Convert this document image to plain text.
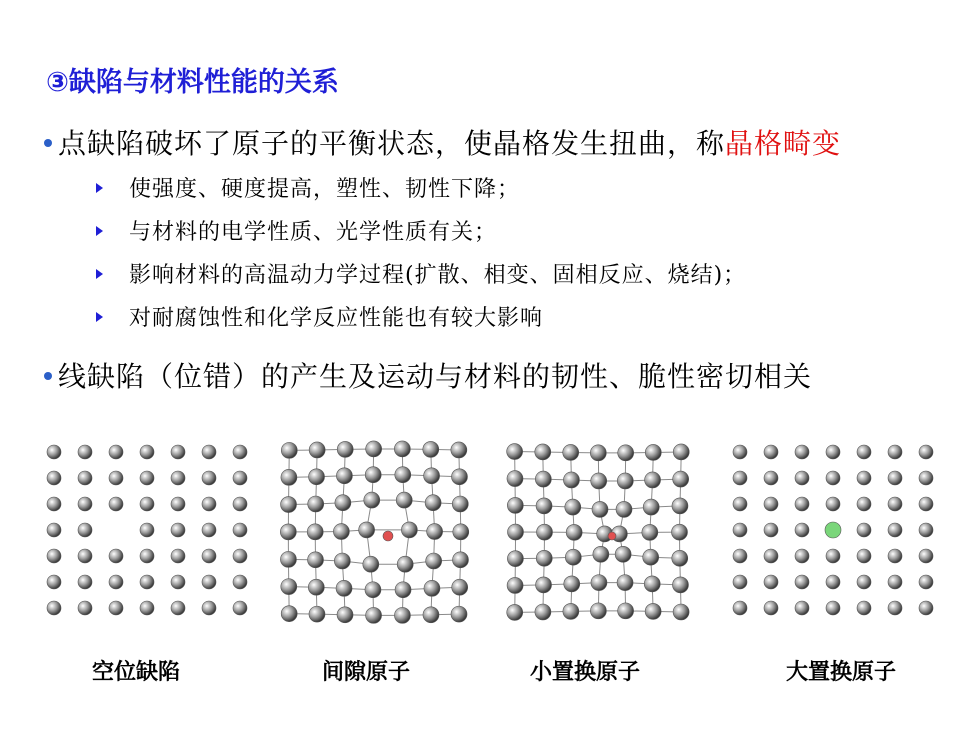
③缺陷与材料性能的关系
点缺陷破坏了原子的平衡状态，使晶格发生扭曲，称晶格畸变
使强度、硬度提高，塑性、韧性下降；
与材料的电学性质、光学性质有关；
影响材料的高温动力学过程(扩散、相变、固相反应、烧结)；
对耐腐蚀性和化学反应性能也有较大影响
线缺陷（位错）的产生及运动与材料的韧性、脆性密切相关
空位缺陷	间隙原子	小置换原子	大置换原子
